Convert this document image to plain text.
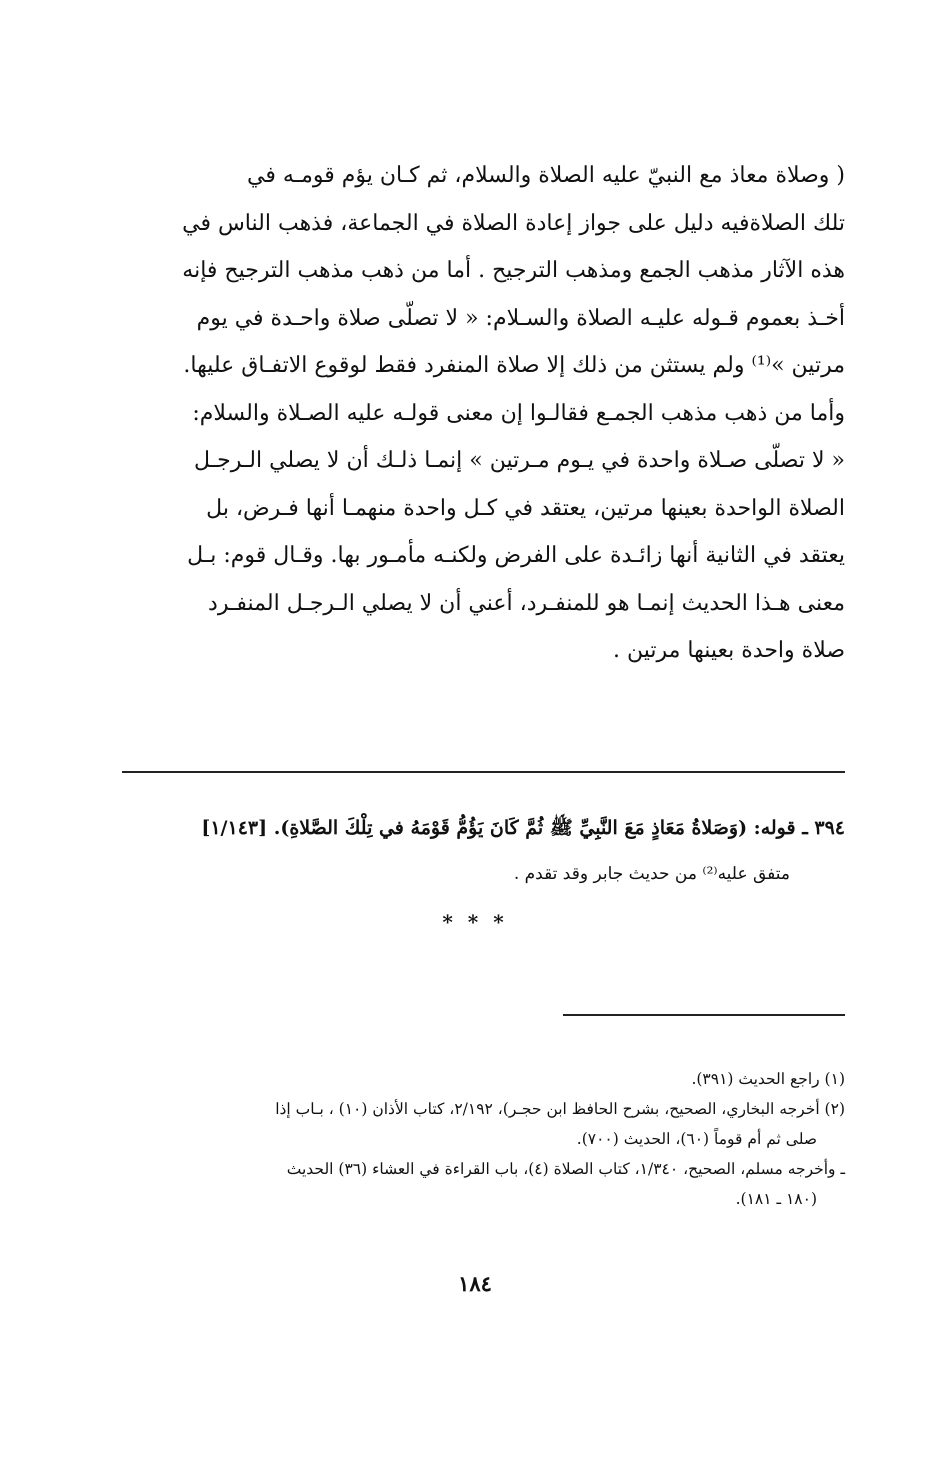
( وصلاة معاذ مع النبيّ عليه الصلاة والسلام، ثم كـان يؤم قومـه في
تلك الصلاةفيه دليل على جواز إعادة الصلاة في الجماعة، فذهب الناس في
هذه الآثار مذهب الجمع ومذهب الترجيح . أما من ذهب مذهب الترجيح فإنه
أخـذ بعموم قـوله عليـه الصلاة والسـلام: « لا تصلّى صلاة واحـدة في يوم
مرتين »⁽¹⁾ ولم يستثن من ذلك إلا صلاة المنفرد فقط لوقوع الاتفـاق عليها.
وأما من ذهب مذهب الجمـع فقالـوا إن معنى قولـه عليه الصـلاة والسلام:
« لا تصلّى صـلاة واحدة في يـوم مـرتين » إنمـا ذلـك أن لا يصلي الـرجـل
الصلاة الواحدة بعينها مرتين، يعتقد في كـل واحدة منهمـا أنها فـرض، بل
يعتقد في الثانية أنها زائـدة على الفرض ولكنـه مأمـور بها. وقـال قوم: بـل
معنى هـذا الحديث إنمـا هو للمنفـرد، أعني أن لا يصلي الـرجـل المنفـرد
صلاة واحدة بعينها مرتين .
٣٩٤ ـ قوله: (وَصَلاةُ مَعَاذٍ مَعَ النَّبِيِّ ﷺ ثُمَّ كَانَ يَؤُمُّ قَوْمَهُ في تِلْكَ الصَّلاةِ). [١/١٤٣]
متفق عليه⁽²⁾ من حديث جابر وقد تقدم .
* * *
(١) راجع الحديث (٣٩١).
(٢) أخرجه البخاري، الصحيح، بشرح الحافظ ابن حجـر)، ٢/١٩٢، كتاب الأذان (١٠) ، بـاب إذا
صلى ثم أم قوماً (٦٠)، الحديث (٧٠٠).
ـ وأخرجه مسلم، الصحيح، ١/٣٤٠، كتاب الصلاة (٤)، باب القراءة في العشاء (٣٦) الحديث
(١٨٠ ـ ١٨١).
١٨٤
